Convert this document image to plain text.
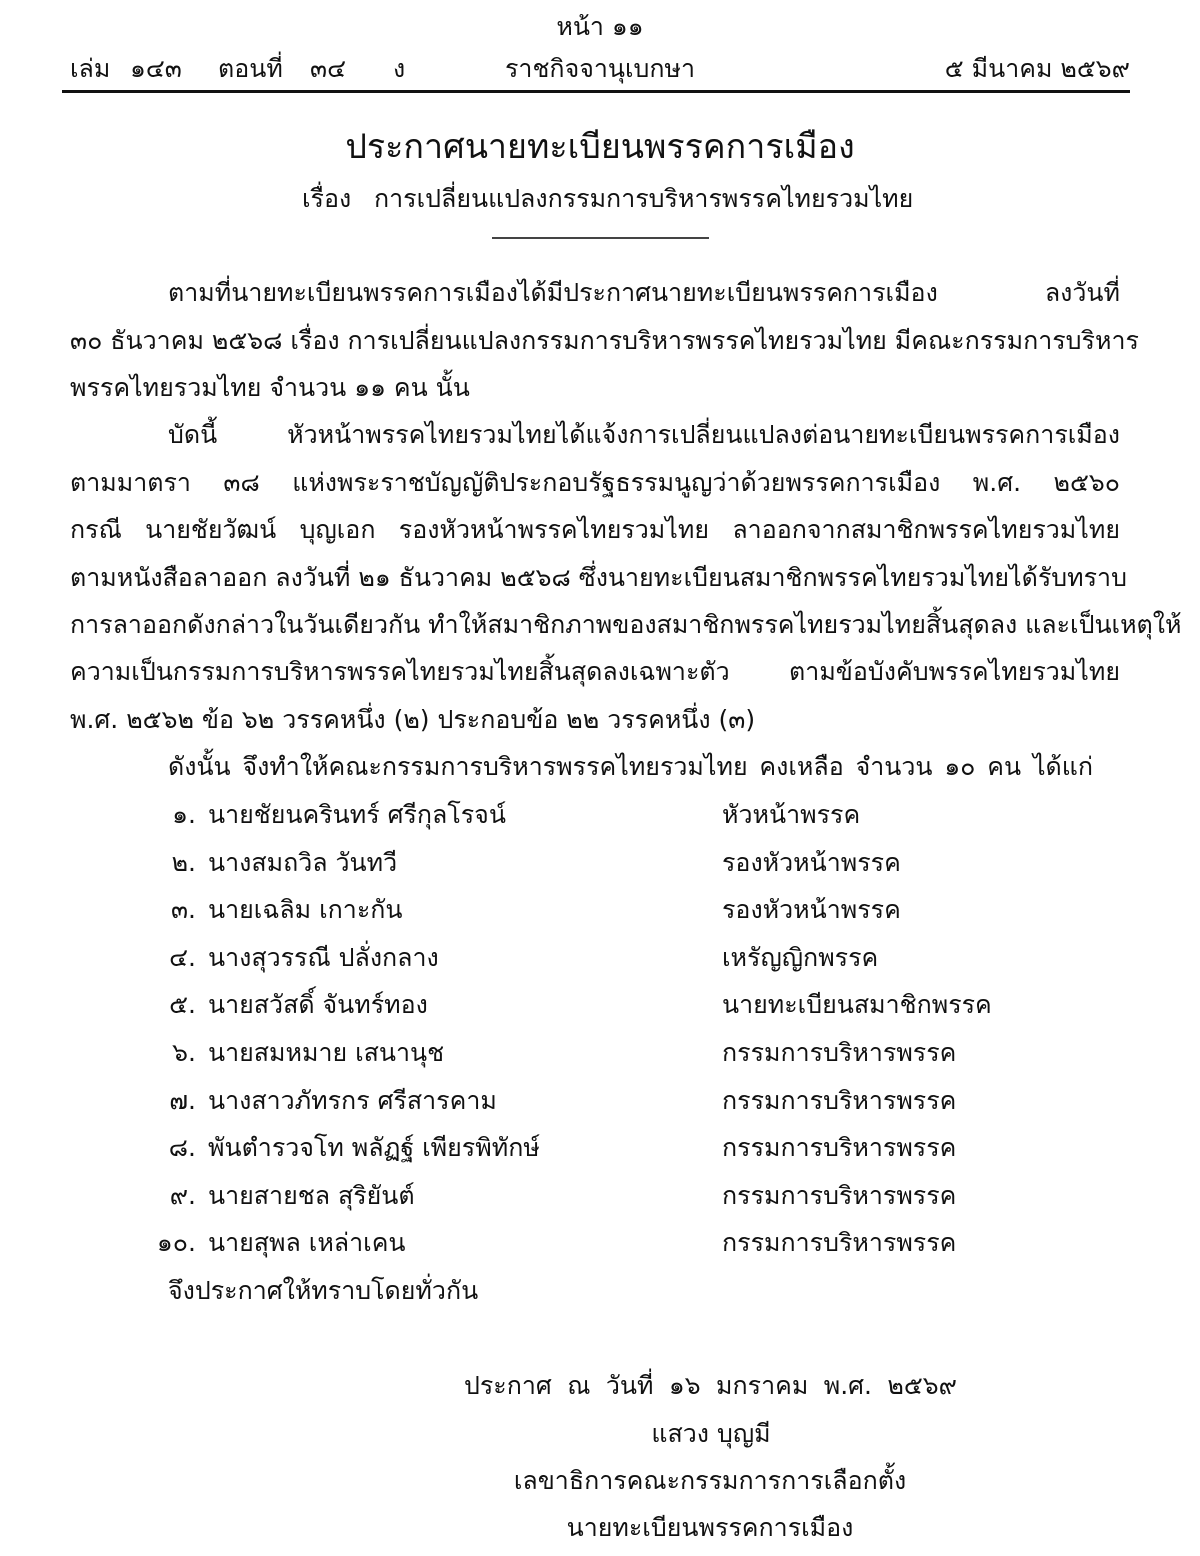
หน้า ๑๑
เล่ม ๑๔๓ ตอนที่ ๓๔ ง	ราชกิจจานุเบกษา	๕ มีนาคม ๒๕๖๙
ประกาศนายทะเบียนพรรคการเมือง
เรื่อง การเปลี่ยนแปลงกรรมการบริหารพรรคไทยรวมไทย
ตามที่นายทะเบียนพรรคการเมืองได้มีประกาศนายทะเบียนพรรคการเมือง ลงวันที่
๓๐ ธันวาคม ๒๕๖๘ เรื่อง การเปลี่ยนแปลงกรรมการบริหารพรรคไทยรวมไทย มีคณะกรรมการบริหาร
พรรคไทยรวมไทย จำนวน ๑๑ คน นั้น
บัดนี้ หัวหน้าพรรคไทยรวมไทยได้แจ้งการเปลี่ยนแปลงต่อนายทะเบียนพรรคการเมือง
ตามมาตรา ๓๘ แห่งพระราชบัญญัติประกอบรัฐธรรมนูญว่าด้วยพรรคการเมือง พ.ศ. ๒๕๖๐
กรณี นายชัยวัฒน์ บุญเอก รองหัวหน้าพรรคไทยรวมไทย ลาออกจากสมาชิกพรรคไทยรวมไทย
ตามหนังสือลาออก ลงวันที่ ๒๑ ธันวาคม ๒๕๖๘ ซึ่งนายทะเบียนสมาชิกพรรคไทยรวมไทยได้รับทราบ
การลาออกดังกล่าวในวันเดียวกัน ทำให้สมาชิกภาพของสมาชิกพรรคไทยรวมไทยสิ้นสุดลง และเป็นเหตุให้
ความเป็นกรรมการบริหารพรรคไทยรวมไทยสิ้นสุดลงเฉพาะตัว ตามข้อบังคับพรรคไทยรวมไทย
พ.ศ. ๒๕๖๒ ข้อ ๖๒ วรรคหนึ่ง (๒) ประกอบข้อ ๒๒ วรรคหนึ่ง (๓)
ดังนั้น จึงทำให้คณะกรรมการบริหารพรรคไทยรวมไทย คงเหลือ จำนวน ๑๐ คน ได้แก่
๑. นายชัยนครินทร์ ศรีกุลโรจน์	หัวหน้าพรรค
๒. นางสมถวิล วันทวี	รองหัวหน้าพรรค
๓. นายเฉลิม เกาะกัน	รองหัวหน้าพรรค
๔. นางสุวรรณี ปลั่งกลาง	เหรัญญิกพรรค
๕. นายสวัสดิ์ จันทร์ทอง	นายทะเบียนสมาชิกพรรค
๖. นายสมหมาย เสนานุช	กรรมการบริหารพรรค
๗. นางสาวภัทรกร ศรีสารคาม	กรรมการบริหารพรรค
๘. พันตำรวจโท พลัฏฐ์ เพียรพิทักษ์	กรรมการบริหารพรรค
๙. นายสายชล สุริยันต์	กรรมการบริหารพรรค
๑๐. นายสุพล เหล่าเคน	กรรมการบริหารพรรค
จึงประกาศให้ทราบโดยทั่วกัน
ประกาศ ณ วันที่ ๑๖ มกราคม พ.ศ. ๒๕๖๙
แสวง บุญมี
เลขาธิการคณะกรรมการการเลือกตั้ง
นายทะเบียนพรรคการเมือง
